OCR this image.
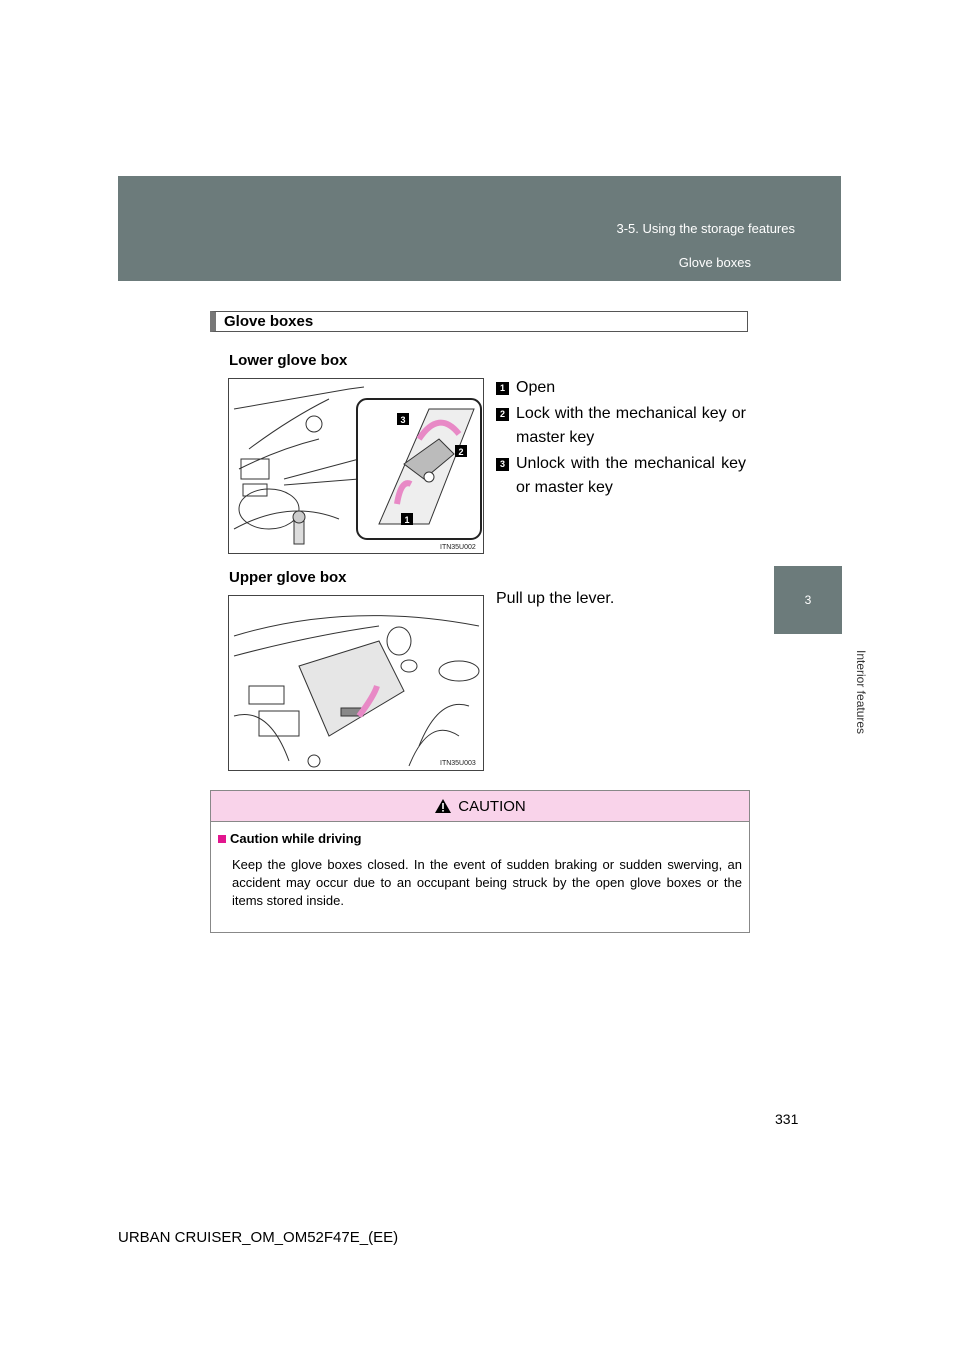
3-5. Using the storage features
Glove boxes
3
Interior features
Glove boxes
Lower glove box
3
2
1
ITN35U002
1 Open
2 Lock with the mechanical key or master key
3 Unlock with the mechanical key or master key
Upper glove box
ITN35U003
Pull up the lever.
CAUTION
Caution while driving
Keep the glove boxes closed. In the event of sudden braking or sudden swerving, an accident may occur due to an occupant being struck by the open glove boxes or the items stored inside.
331
URBAN CRUISER_OM_OM52F47E_(EE)
